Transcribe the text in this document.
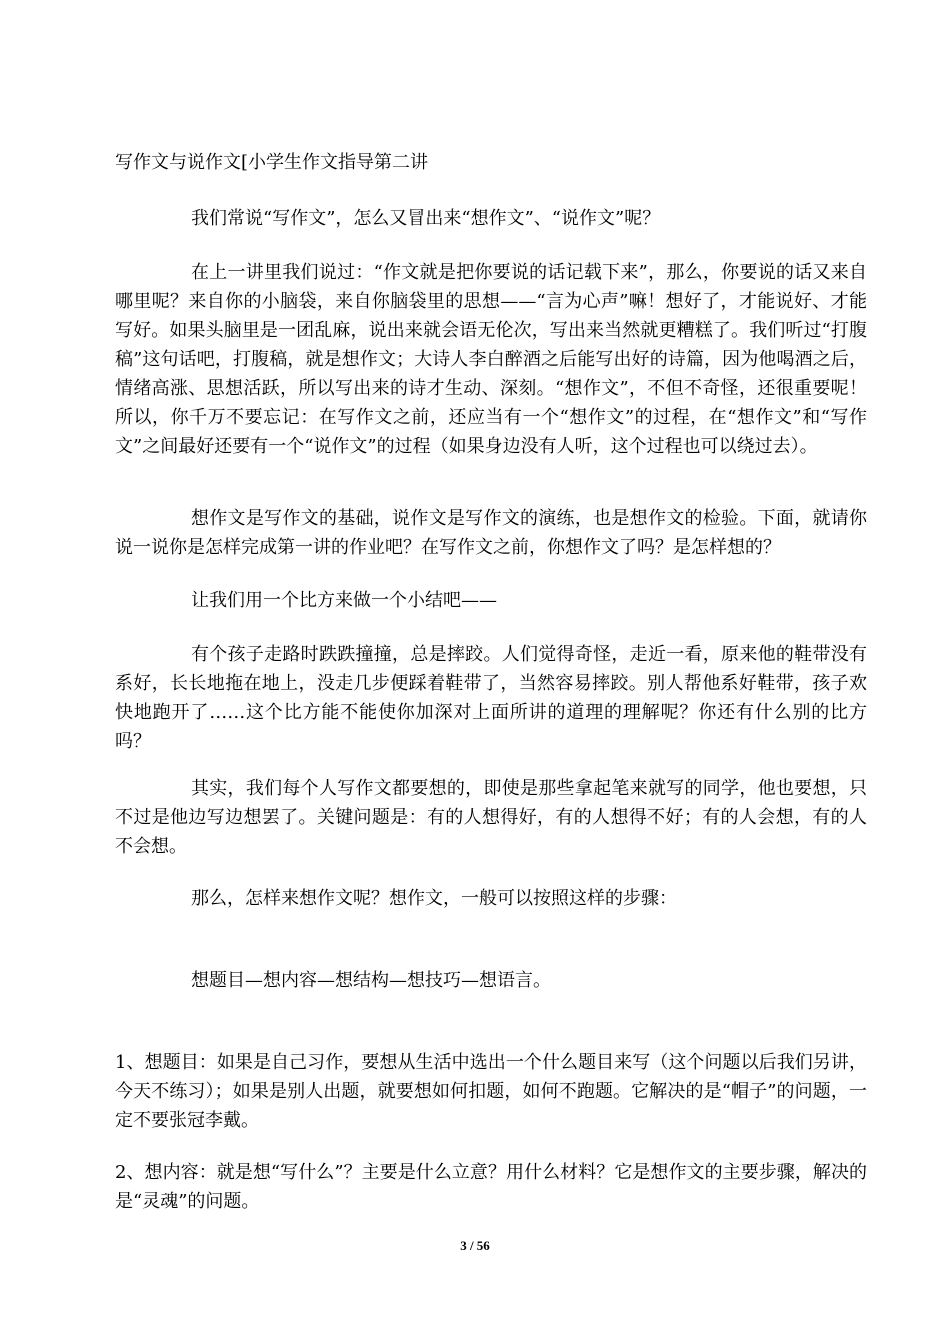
写作文与说作文[小学生作文指导第二讲

我们常说“写作文”，怎么又冒出来“想作文”、“说作文”呢？

在上一讲里我们说过：“作文就是把你要说的话记载下来”，那么，你要说的话又来自哪里呢？来自你的小脑袋，来自你脑袋里的思想——“言为心声”嘛！想好了，才能说好、才能写好。如果头脑里是一团乱麻，说出来就会语无伦次，写出来当然就更糟糕了。我们听过“打腹稿”这句话吧，打腹稿，就是想作文；大诗人李白醉酒之后能写出好的诗篇，因为他喝酒之后，情绪高涨、思想活跃，所以写出来的诗才生动、深刻。“想作文”，不但不奇怪，还很重要呢！所以，你千万不要忘记：在写作文之前，还应当有一个“想作文”的过程，在“想作文”和“写作文”之间最好还要有一个“说作文”的过程（如果身边没有人听，这个过程也可以绕过去）。

想作文是写作文的基础，说作文是写作文的演练，也是想作文的检验。下面，就请你说一说你是怎样完成第一讲的作业吧？在写作文之前，你想作文了吗？是怎样想的？

让我们用一个比方来做一个小结吧——

有个孩子走路时跌跌撞撞，总是摔跤。人们觉得奇怪，走近一看，原来他的鞋带没有系好，长长地拖在地上，没走几步便踩着鞋带了，当然容易摔跤。别人帮他系好鞋带，孩子欢快地跑开了……这个比方能不能使你加深对上面所讲的道理的理解呢？你还有什么别的比方吗？

其实，我们每个人写作文都要想的，即使是那些拿起笔来就写的同学，他也要想，只不过是他边写边想罢了。关键问题是：有的人想得好，有的人想得不好；有的人会想，有的人不会想。

那么，怎样来想作文呢？想作文，一般可以按照这样的步骤：

想题目—想内容—想结构—想技巧—想语言。

1、想题目：如果是自己习作，要想从生活中选出一个什么题目来写（这个问题以后我们另讲，今天不练习）；如果是别人出题，就要想如何扣题，如何不跑题。它解决的是“帽子”的问题，一定不要张冠李戴。

2、想内容：就是想“写什么”？主要是什么立意？用什么材料？它是想作文的主要步骤，解决的是“灵魂”的问题。

3 / 56
